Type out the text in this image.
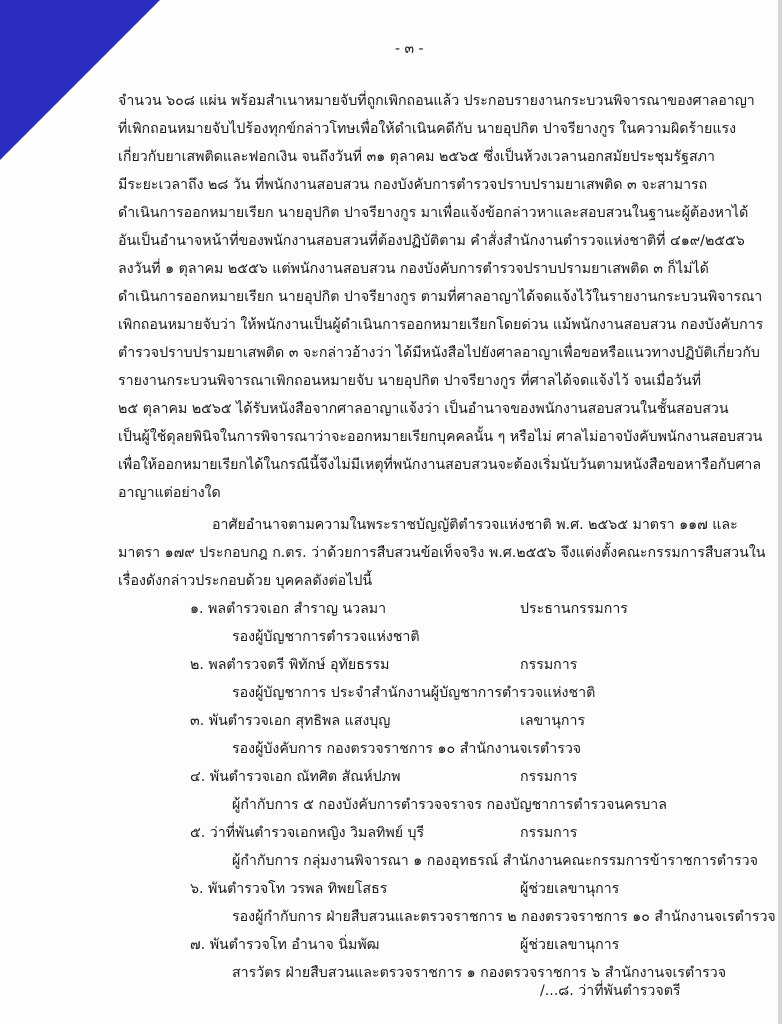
- ๓ -
จำนวน ๖๐๘ แผ่น พร้อมสำเนาหมายจับที่ถูกเพิกถอนแล้ว ประกอบรายงานกระบวนพิจารณาของศาลอาญา
ที่เพิกถอนหมายจับไปร้องทุกข์กล่าวโทษเพื่อให้ดำเนินคดีกับ นายอุปกิต ปาจรียางกูร ในความผิดร้ายแรง
เกี่ยวกับยาเสพติดและฟอกเงิน จนถึงวันที่ ๓๑ ตุลาคม ๒๕๖๕ ซึ่งเป็นห้วงเวลานอกสมัยประชุมรัฐสภา
มีระยะเวลาถึง ๒๘ วัน ที่พนักงานสอบสวน กองบังคับการตำรวจปราบปรามยาเสพติด ๓ จะสามารถ
ดำเนินการออกหมายเรียก นายอุปกิต ปาจรียางกูร มาเพื่อแจ้งข้อกล่าวหาและสอบสวนในฐานะผู้ต้องหาได้
อันเป็นอำนาจหน้าที่ของพนักงานสอบสวนที่ต้องปฏิบัติตาม คำสั่งสำนักงานตำรวจแห่งชาติที่ ๔๑๙/๒๕๕๖
ลงวันที่ ๑ ตุลาคม ๒๕๕๖ แต่พนักงานสอบสวน กองบังคับการตำรวจปราบปรามยาเสพติด ๓ ก็ไม่ได้
ดำเนินการออกหมายเรียก นายอุปกิต ปาจรียางกูร ตามที่ศาลอาญาได้จดแจ้งไว้ในรายงานกระบวนพิจารณา
เพิกถอนหมายจับว่า ให้พนักงานเป็นผู้ดำเนินการออกหมายเรียกโดยด่วน แม้พนักงานสอบสวน กองบังคับการ
ตำรวจปราบปรามยาเสพติด ๓ จะกล่าวอ้างว่า ได้มีหนังสือไปยังศาลอาญาเพื่อขอหรือแนวทางปฏิบัติเกี่ยวกับ
รายงานกระบวนพิจารณาเพิกถอนหมายจับ นายอุปกิต ปาจรียางกูร ที่ศาลได้จดแจ้งไว้ จนเมื่อวันที่
๒๕ ตุลาคม ๒๕๖๕ ได้รับหนังสือจากศาลอาญาแจ้งว่า เป็นอำนาจของพนักงานสอบสวนในชั้นสอบสวน
เป็นผู้ใช้ดุลยพินิจในการพิจารณาว่าจะออกหมายเรียกบุคคลนั้น ๆ หรือไม่ ศาลไม่อาจบังคับพนักงานสอบสวน
เพื่อให้ออกหมายเรียกได้ในกรณีนี้จึงไม่มีเหตุที่พนักงานสอบสวนจะต้องเริ่มนับวันตามหนังสือขอหารือกับศาล
อาญาแต่อย่างใด
อาศัยอำนาจตามความในพระราชบัญญัติตำรวจแห่งชาติ พ.ศ. ๒๕๖๕ มาตรา ๑๑๗ และ
มาตรา ๑๗๙ ประกอบกฎ ก.ตร. ว่าด้วยการสืบสวนข้อเท็จจริง พ.ศ.๒๕๕๖ จึงแต่งตั้งคณะกรรมการสืบสวนใน
เรื่องดังกล่าวประกอบด้วย บุคคลดังต่อไปนี้
๑. พลตำรวจเอก สำราญ นวลมา	ประธานกรรมการ
รองผู้บัญชาการตำรวจแห่งชาติ
๒. พลตำรวจตรี พิทักษ์ อุทัยธรรม	กรรมการ
รองผู้บัญชาการ ประจำสำนักงานผู้บัญชาการตำรวจแห่งชาติ
๓. พันตำรวจเอก สุทธิพล แสงบุญ	เลขานุการ
รองผู้บังคับการ กองตรวจราชการ ๑๐ สำนักงานจเรตำรวจ
๔. พันตำรวจเอก ณัทศิต สัณห์ปภพ	กรรมการ
ผู้กำกับการ ๕ กองบังคับการตำรวจจราจร กองบัญชาการตำรวจนครบาล
๕. ว่าที่พันตำรวจเอกหญิง วิมลทิพย์ บุรี	กรรมการ
ผู้กำกับการ กลุ่มงานพิจารณา ๑ กองอุทธรณ์ สำนักงานคณะกรรมการข้าราชการตำรวจ
๖. พันตำรวจโท วรพล ทิพยโสธร	ผู้ช่วยเลขานุการ
รองผู้กำกับการ ฝ่ายสืบสวนและตรวจราชการ ๒ กองตรวจราชการ ๑๐ สำนักงานจเรตำรวจ
๗. พันตำรวจโท อำนาจ นิ่มพัฒ	ผู้ช่วยเลขานุการ
สารวัตร ฝ่ายสืบสวนและตรวจราชการ ๑ กองตรวจราชการ ๖ สำนักงานจเรตำรวจ
/...๘. ว่าที่พันตำรวจตรี
